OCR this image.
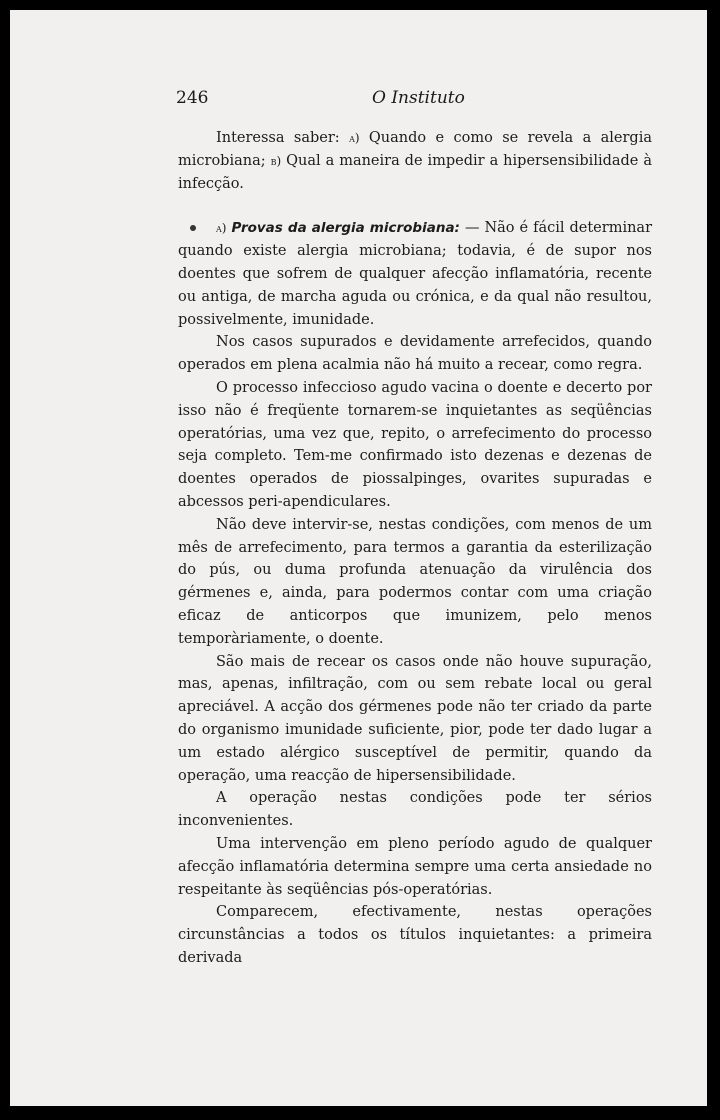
246	O Instituto

Interessa saber: a) Quando e como se revela a alergia microbiana; b) Qual a maneira de impedir a hipersensibilidade à infecção.

a) Provas da alergia microbiana: — Não é fácil determinar quando existe alergia microbiana; todavia, é de supor nos doentes que sofrem de qualquer afecção inflamatória, recente ou antiga, de marcha aguda ou crónica, e da qual não resultou, possivelmente, imunidade.

Nos casos supurados e devidamente arrefecidos, quando operados em plena acalmia não há muito a recear, como regra.

O processo infeccioso agudo vacina o doente e decerto por isso não é freqüente tornarem-se inquietantes as seqüências operatórias, uma vez que, repito, o arrefecimento do processo seja completo. Tem-me confirmado isto dezenas e dezenas de doentes operados de piossalpinges, ovarites supuradas e abcessos peri-apendiculares.

Não deve intervir-se, nestas condições, com menos de um mês de arrefecimento, para termos a garantia da esterilização do pús, ou duma profunda atenuação da virulência dos gérmenes e, ainda, para podermos contar com uma criação eficaz de anticorpos que imunizem, pelo menos temporàriamente, o doente.

São mais de recear os casos onde não houve supuração, mas, apenas, infiltração, com ou sem rebate local ou geral apreciável. A acção dos gérmenes pode não ter criado da parte do organismo imunidade suficiente, pior, pode ter dado lugar a um estado alérgico susceptível de permitir, quando da operação, uma reacção de hipersensibilidade.

A operação nestas condições pode ter sérios inconvenientes.

Uma intervenção em pleno período agudo de qualquer afecção inflamatória determina sempre uma certa ansiedade no respeitante às seqüências pós-operatórias.

Comparecem, efectivamente, nestas operações circunstâncias a todos os títulos inquietantes: a primeira derivada
